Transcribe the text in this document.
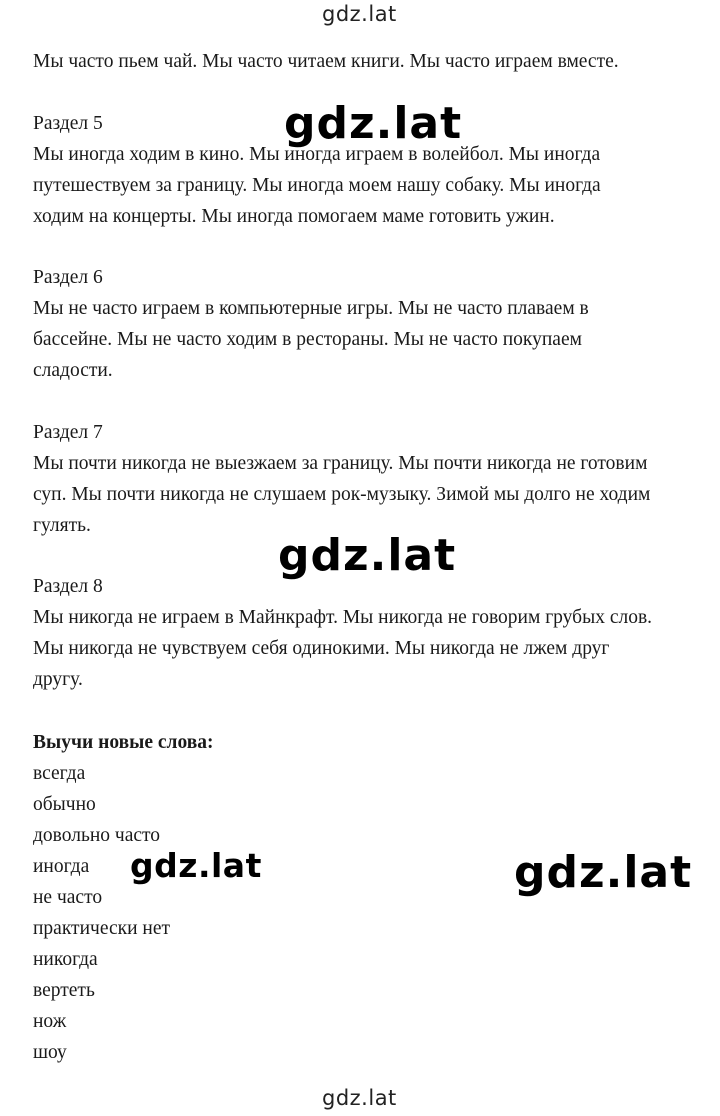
gdz.lat
gdz.lat
gdz.lat
gdz.lat	gdz.lat
gdz.lat
Мы часто пьем чай. Мы часто читаем книги. Мы часто играем вместе.
Раздел 5
Мы иногда ходим в кино. Мы иногда играем в волейбол. Мы иногда
путешествуем за границу. Мы иногда моем нашу собаку. Мы иногда
ходим на концерты. Мы иногда помогаем маме готовить ужин.
Раздел 6
Мы не часто играем в компьютерные игры. Мы не часто плаваем в
бассейне. Мы не часто ходим в рестораны. Мы не часто покупаем
сладости.
Раздел 7
Мы почти никогда не выезжаем за границу. Мы почти никогда не готовим
суп. Мы почти никогда не слушаем рок-музыку. Зимой мы долго не ходим
гулять.
Раздел 8
Мы никогда не играем в Майнкрафт. Мы никогда не говорим грубых слов.
Мы никогда не чувствуем себя одинокими. Мы никогда не лжем друг
другу.
Выучи новые слова:
всегда
обычно
довольно часто
иногда
не часто
практически нет
никогда
вертеть
нож
шоу
